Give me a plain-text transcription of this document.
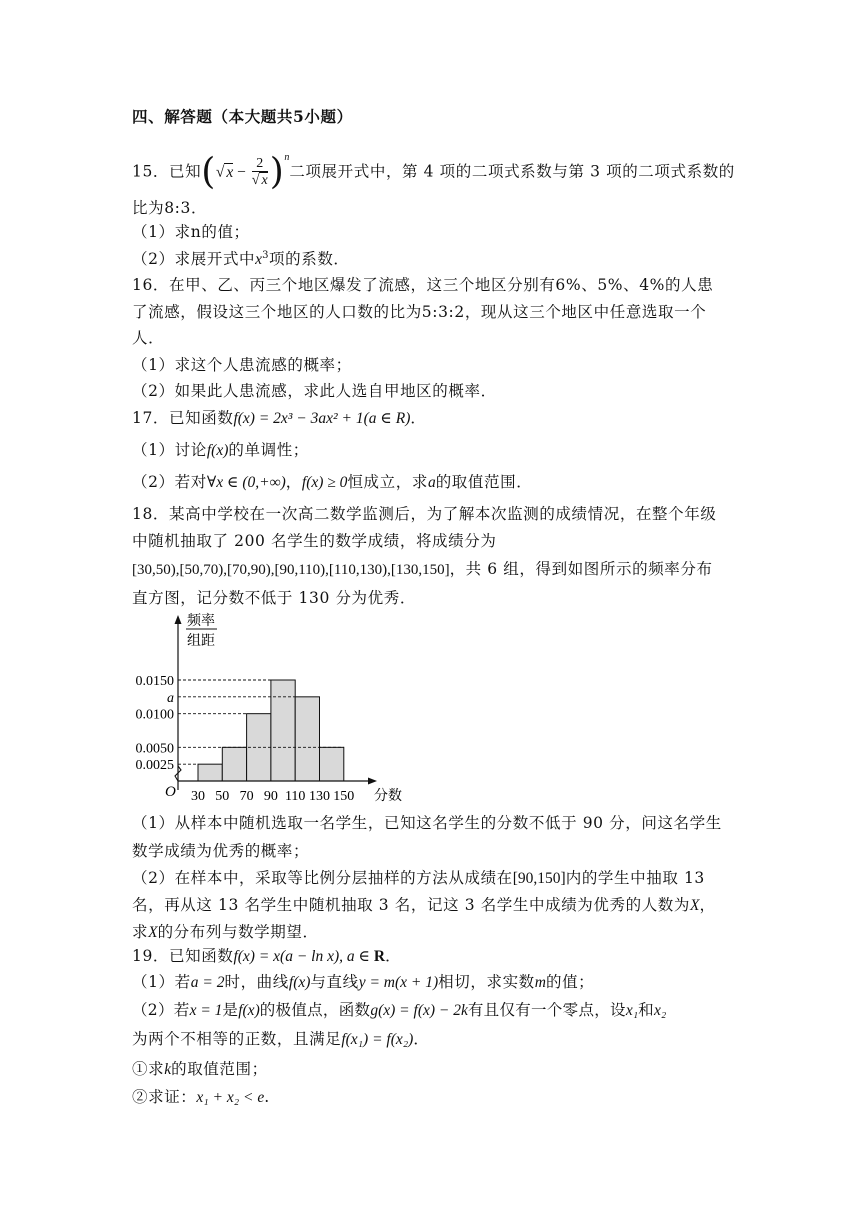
四、解答题（本大题共5小题）
15．已知(√ $x - \frac{2}{√ x} )^n$二项展开式中，第 4 项的二项式系数与第 3 项的二项式系数的
比为8:3．
（1）求n的值；
（2）求展开式中$x^3$项的系数．
16．在甲、乙、丙三个地区爆发了流感，这三个地区分别有6%、5%、4%的人患
了流感，假设这三个地区的人口数的比为5:3:2，现从这三个地区中任意选取一个
人．
（1）求这个人患流感的概率；
（2）如果此人患流感，求此人选自甲地区的概率．
17．已知函数f(x) = 2x³ − 3ax² + 1(a ∈ R)．
（1）讨论f(x)的单调性；
（2）若对∀x ∈ (0,+∞)，f(x) ≥ 0恒成立，求a的取值范围．
18．某高中学校在一次高二数学监测后，为了解本次监测的成绩情况，在整个年级
中随机抽取了 200 名学生的数学成绩，将成绩分为
[30,50),[50,70),[70,90),[90,110),[110,130),[130,150]，共 6 组，得到如图所示的频率分布
直方图，记分数不低于 130 分为优秀．
频率
组距
O	分数
0.0150
a
0.0100
0.0050
0.0025
30 50 70 90 110 130 150
（1）从样本中随机选取一名学生，已知这名学生的分数不低于 90 分，问这名学生
数学成绩为优秀的概率；
（2）在样本中，采取等比例分层抽样的方法从成绩在[90,150]内的学生中抽取 13
名，再从这 13 名学生中随机抽取 3 名，记这 3 名学生中成绩为优秀的人数为X，
求X的分布列与数学期望．
19．已知函数f(x) = x(a − ln x), a ∈ R．
（1）若a = 2时，曲线f(x)与直线y = m(x + 1)相切，求实数m的值；
（2）若x = 1是f(x)的极值点，函数g(x) = f(x) − 2k有且仅有一个零点，设x₁和x₂
为两个不相等的正数，且满足f(x₁) = f(x₂)．
①求k的取值范围；
②求证：x₁ + x₂ < e.
